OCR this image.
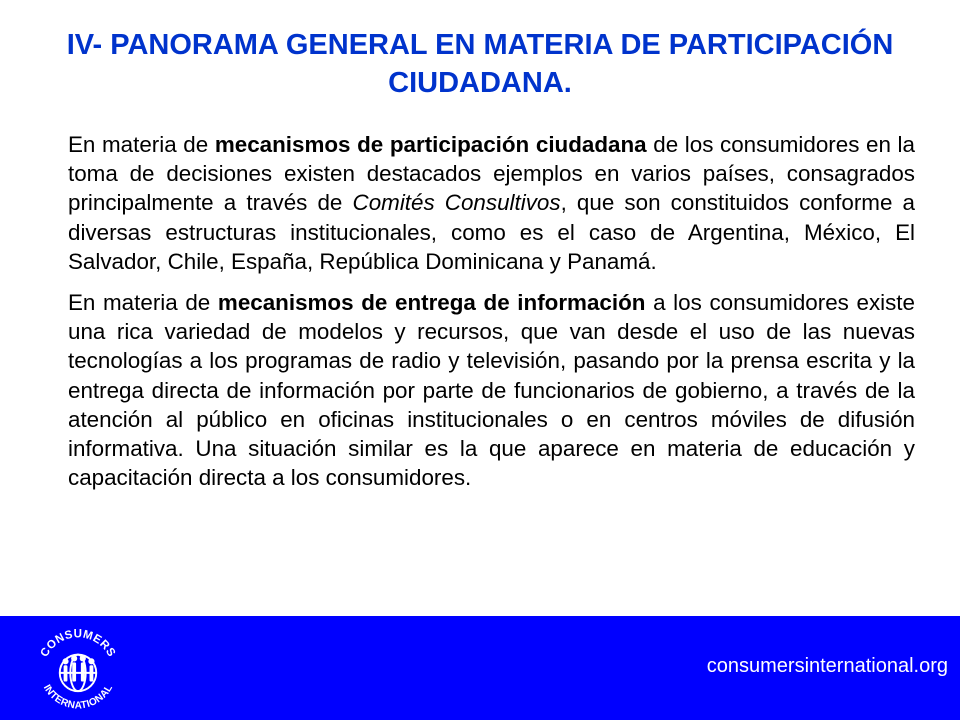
IV- PANORAMA GENERAL EN MATERIA DE PARTICIPACIÓN
CIUDADANA.

En materia de mecanismos de participación ciudadana de los consumidores en la toma de decisiones existen destacados ejemplos en varios países, consagrados principalmente a través de Comités Consultivos, que son constituidos conforme a diversas estructuras institucionales, como es el caso de Argentina, México, El Salvador, Chile, España, República Dominicana y Panamá.

En materia de mecanismos de entrega de información a los consumidores existe una rica variedad de modelos y recursos, que van desde el uso de las nuevas tecnologías a los programas de radio y televisión, pasando por la prensa escrita y la entrega directa de información por parte de funcionarios de gobierno, a través de la atención al público en oficinas institucionales o en centros móviles de difusión informativa. Una situación similar es la que aparece en materia de educación y capacitación directa a los consumidores.

CONSUMERS
INTERNATIONAL
consumersinternational.org
